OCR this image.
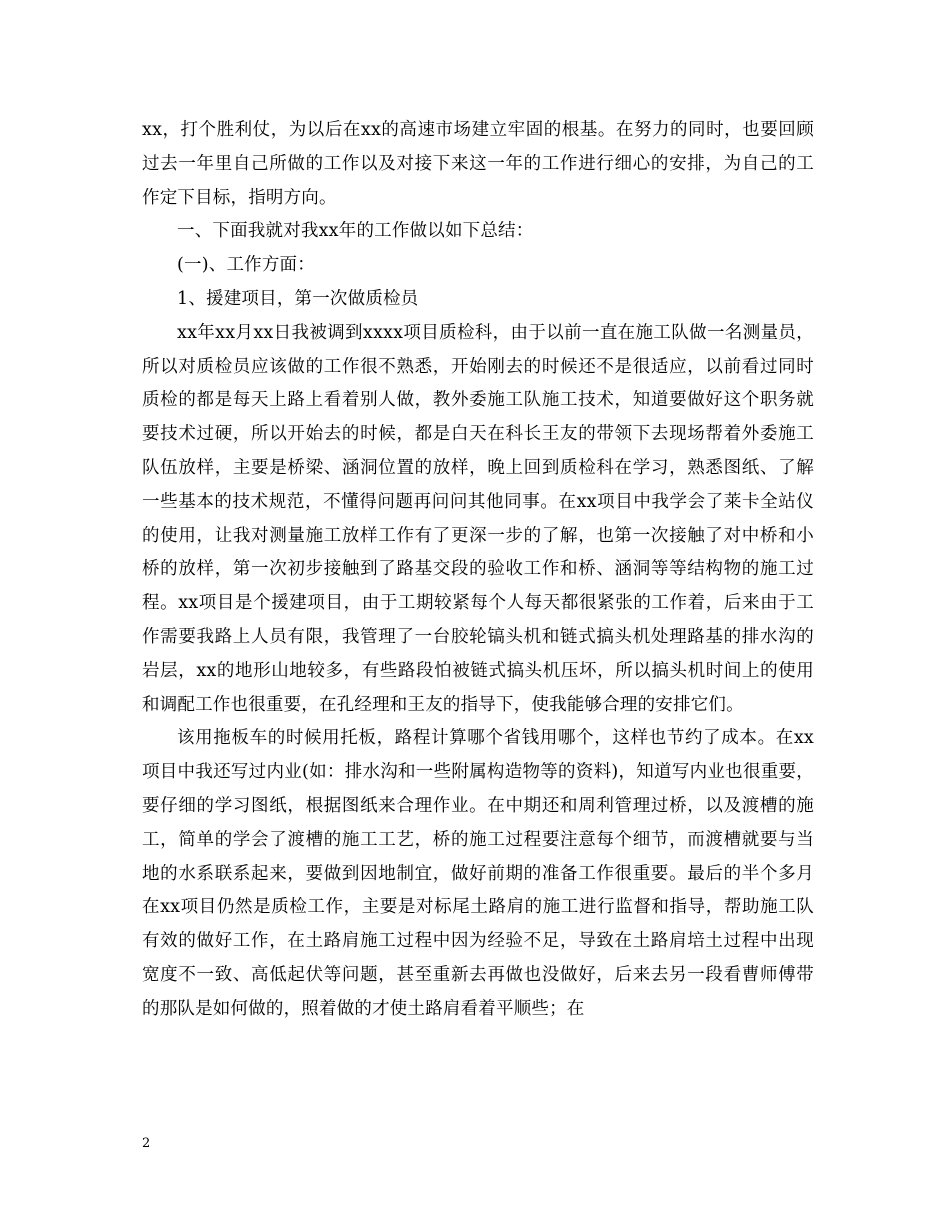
xx，打个胜利仗，为以后在xx的高速市场建立牢固的根基。在努力的同时，也要回顾过去一年里自己所做的工作以及对接下来这一年的工作进行细心的安排，为自己的工作定下目标，指明方向。

一、下面我就对我xx年的工作做以如下总结：

(一)、工作方面：

1、援建项目，第一次做质检员

xx年xx月xx日我被调到xxxx项目质检科，由于以前一直在施工队做一名测量员，所以对质检员应该做的工作很不熟悉，开始刚去的时候还不是很适应，以前看过同时质检的都是每天上路上看着别人做，教外委施工队施工技术，知道要做好这个职务就要技术过硬，所以开始去的时候，都是白天在科长王友的带领下去现场帮着外委施工队伍放样，主要是桥梁、涵洞位置的放样，晚上回到质检科在学习，熟悉图纸、了解一些基本的技术规范，不懂得问题再问问其他同事。在xx项目中我学会了莱卡全站仪的使用，让我对测量施工放样工作有了更深一步的了解，也第一次接触了对中桥和小桥的放样，第一次初步接触到了路基交段的验收工作和桥、涵洞等等结构物的施工过程。xx项目是个援建项目，由于工期较紧每个人每天都很紧张的工作着，后来由于工作需要我路上人员有限，我管理了一台胶轮镐头机和链式搞头机处理路基的排水沟的岩层，xx的地形山地较多，有些路段怕被链式搞头机压坏，所以搞头机时间上的使用和调配工作也很重要，在孔经理和王友的指导下，使我能够合理的安排它们。

该用拖板车的时候用托板，路程计算哪个省钱用哪个，这样也节约了成本。在xx项目中我还写过内业(如：排水沟和一些附属构造物等的资料)，知道写内业也很重要，要仔细的学习图纸，根据图纸来合理作业。在中期还和周利管理过桥，以及渡槽的施工，简单的学会了渡槽的施工工艺，桥的施工过程要注意每个细节，而渡槽就要与当地的水系联系起来，要做到因地制宜，做好前期的准备工作很重要。最后的半个多月在xx项目仍然是质检工作，主要是对标尾土路肩的施工进行监督和指导，帮助施工队有效的做好工作，在土路肩施工过程中因为经验不足，导致在土路肩培土过程中出现宽度不一致、高低起伏等问题，甚至重新去再做也没做好，后来去另一段看曹师傅带的那队是如何做的，照着做的才使土路肩看着平顺些；在

2
